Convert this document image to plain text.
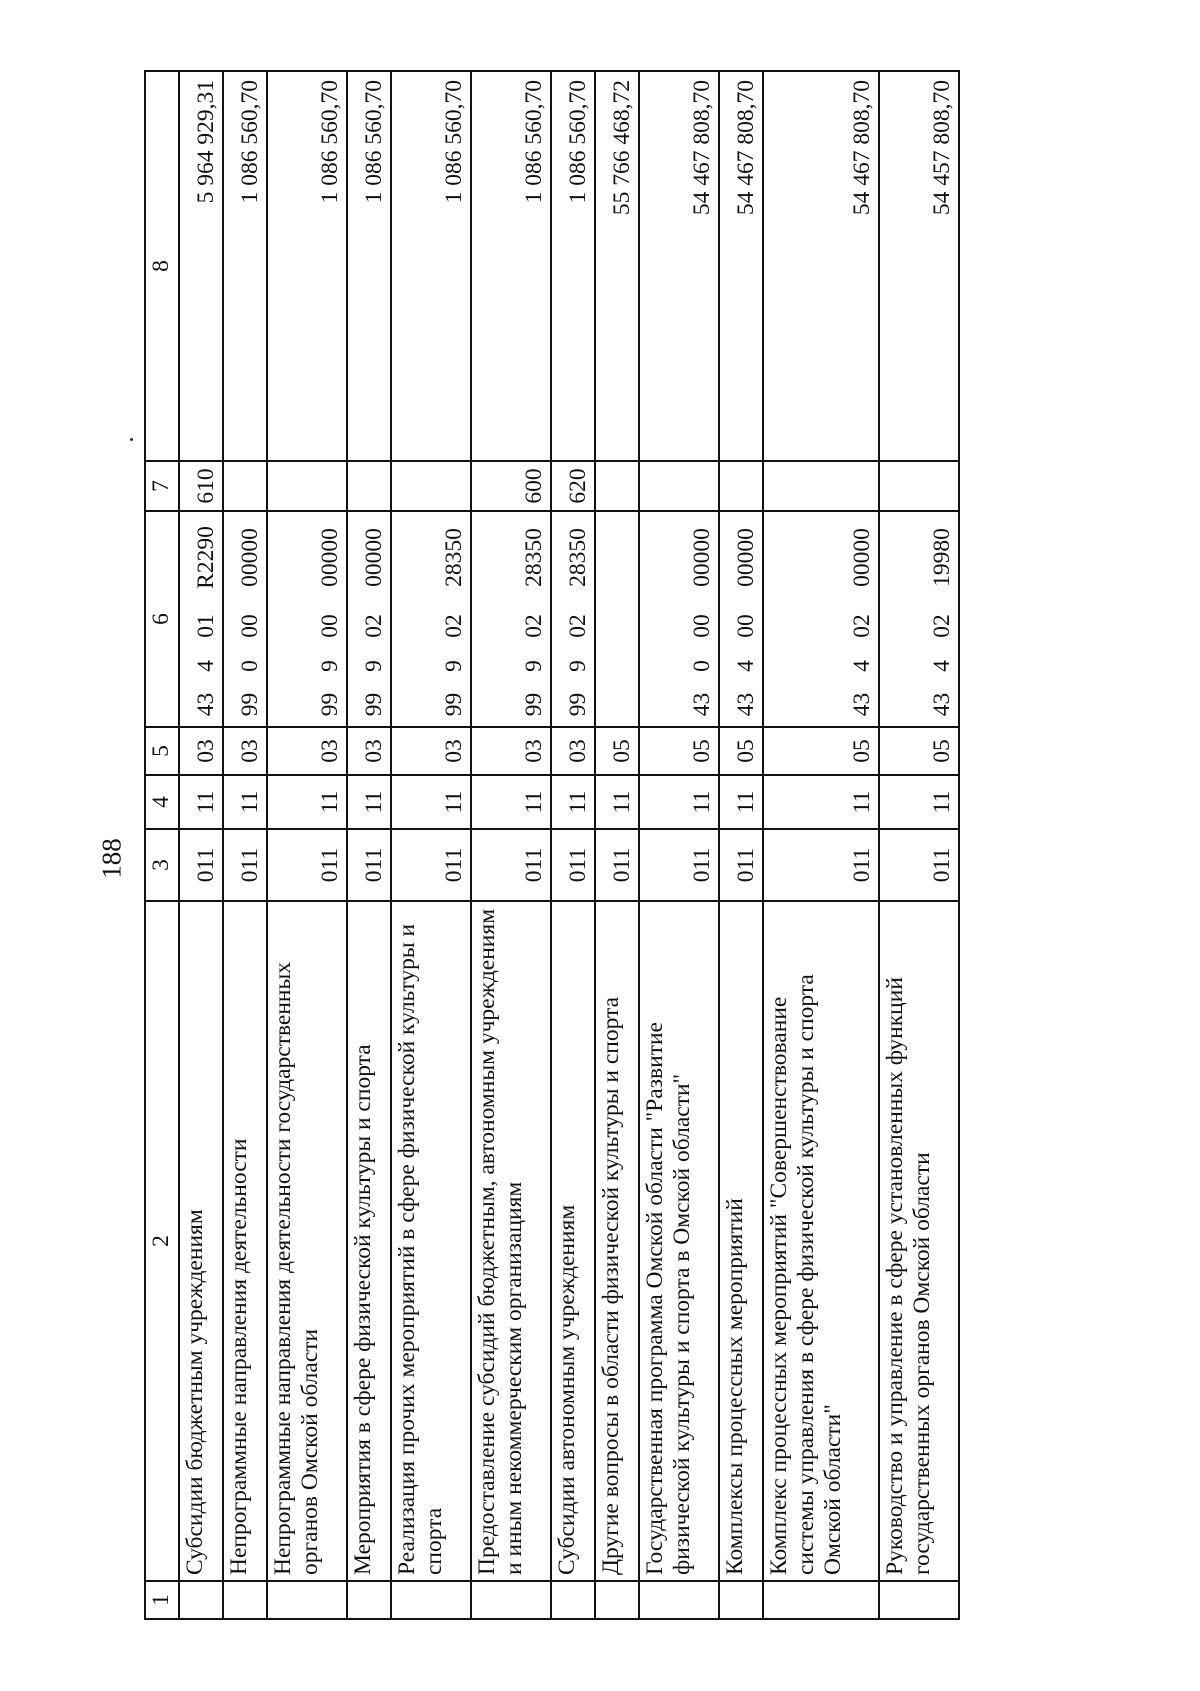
188
1	2	3	4	5	6				7	8
	Субсидии бюджетным учреждениям	011	11	03	43	4	01	R2290	610	5 964 929,31
	Непрограммные направления деятельности	011	11	03	99	0	00	00000		1 086 560,70
	Непрограммные направления деятельности государственных органов Омской области	011	11	03	99	9	00	00000		1 086 560,70
	Мероприятия в сфере физической культуры и спорта	011	11	03	99	9	02	00000		1 086 560,70
	Реализация прочих мероприятий в сфере физической культуры и спорта	011	11	03	99	9	02	28350		1 086 560,70
	Предоставление субсидий бюджетным, автономным учреждениям и иным некоммерческим организациям	011	11	03	99	9	02	28350	600	1 086 560,70
	Субсидии автономным учреждениям	011	11	03	99	9	02	28350	620	1 086 560,70
	Другие вопросы в области физической культуры и спорта	011	11	05						55 766 468,72
	Государственная программа Омской области "Развитие физической культуры и спорта в Омской области"	011	11	05	43	0	00	00000		54 467 808,70
	Комплексы процессных мероприятий	011	11	05	43	4	00	00000		54 467 808,70
	Комплекс процессных мероприятий "Совершенствование системы управления в сфере физической культуры и спорта Омской области"	011	11	05	43	4	02	00000		54 467 808,70
	Руководство и управление в сфере установленных функций государственных органов Омской области	011	11	05	43	4	02	19980		54 457 808,70
